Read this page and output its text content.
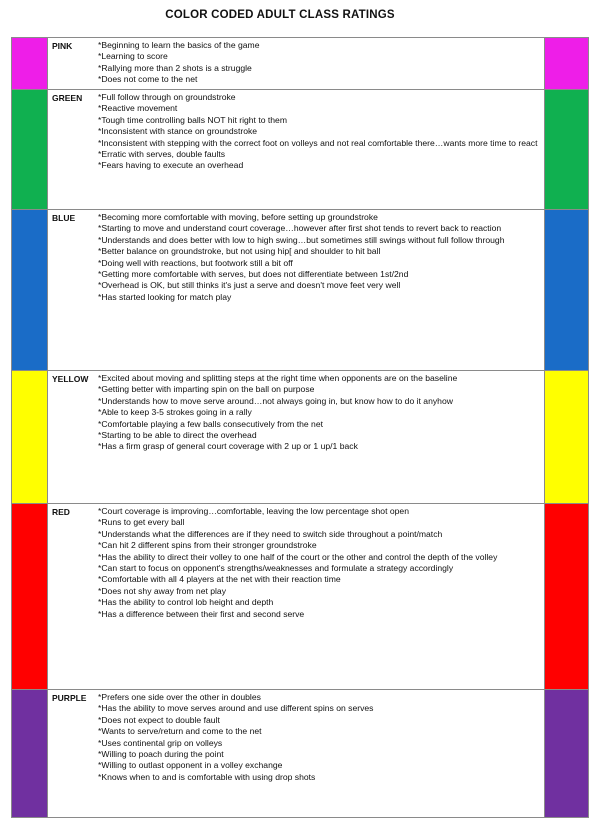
COLOR CODED ADULT CLASS RATINGS
PINK	*Beginning to learn the basics of the game
*Learning to score
*Rallying more than 2 shots is a struggle
*Does not come to the net
GREEN *Full follow through on groundstroke
*Reactive movement
*Tough time controlling balls NOT hit right to them
*Inconsistent with stance on groundstroke
*Inconsistent with stepping with the correct foot on volleys and not real comfortable there…wants more time to react
*Erratic with serves, double faults
*Fears having to execute an overhead
BLUE	*Becoming more comfortable with moving, before setting up groundstroke
*Starting to move and understand court coverage…however after first shot tends to revert back to reaction
*Understands and does better with low to high swing…but sometimes still swings without full follow through
*Better balance on groundstroke, but not using hip[ and shoulder to hit ball
*Doing well with reactions, but footwork still a bit off
*Getting more comfortable with serves, but does not differentiate between 1st/2nd
*Overhead is OK, but still thinks it's just a serve and doesn't move feet very well
*Has started looking for match play
YELLOW *Excited about moving and splitting steps at the right time when opponents are on the baseline
*Getting better with imparting spin on the ball on purpose
*Understands how to move serve around…not always going in, but know how to do it anyhow
*Able to keep 3-5 strokes going in a rally
*Comfortable playing a few balls consecutively from the net
*Starting to be able to direct the overhead
*Has a firm grasp of general court coverage with 2 up or 1 up/1 back
RED	*Court coverage is improving…comfortable, leaving the low percentage shot open
*Runs to get every ball
*Understands what the differences are if they need to switch side throughout a point/match
*Can hit 2 different spins from their stronger groundstroke
*Has the ability to direct their volley to one half of the court or the other and control the depth of the volley
*Can start to focus on opponent's strengths/weaknesses and formulate a strategy accordingly
*Comfortable with all 4 players at the net with their reaction time
*Does not shy away from net play
*Has the ability to control lob height and depth
*Has a difference between their first and second serve
PURPLE *Prefers one side over the other in doubles
*Has the ability to move serves around and use different spins on serves
*Does not expect to double fault
*Wants to serve/return and come to the net
*Uses continental grip on volleys
*Willing to poach during the point
*Willing to outlast opponent in a volley exchange
*Knows when to and is comfortable with using drop shots
